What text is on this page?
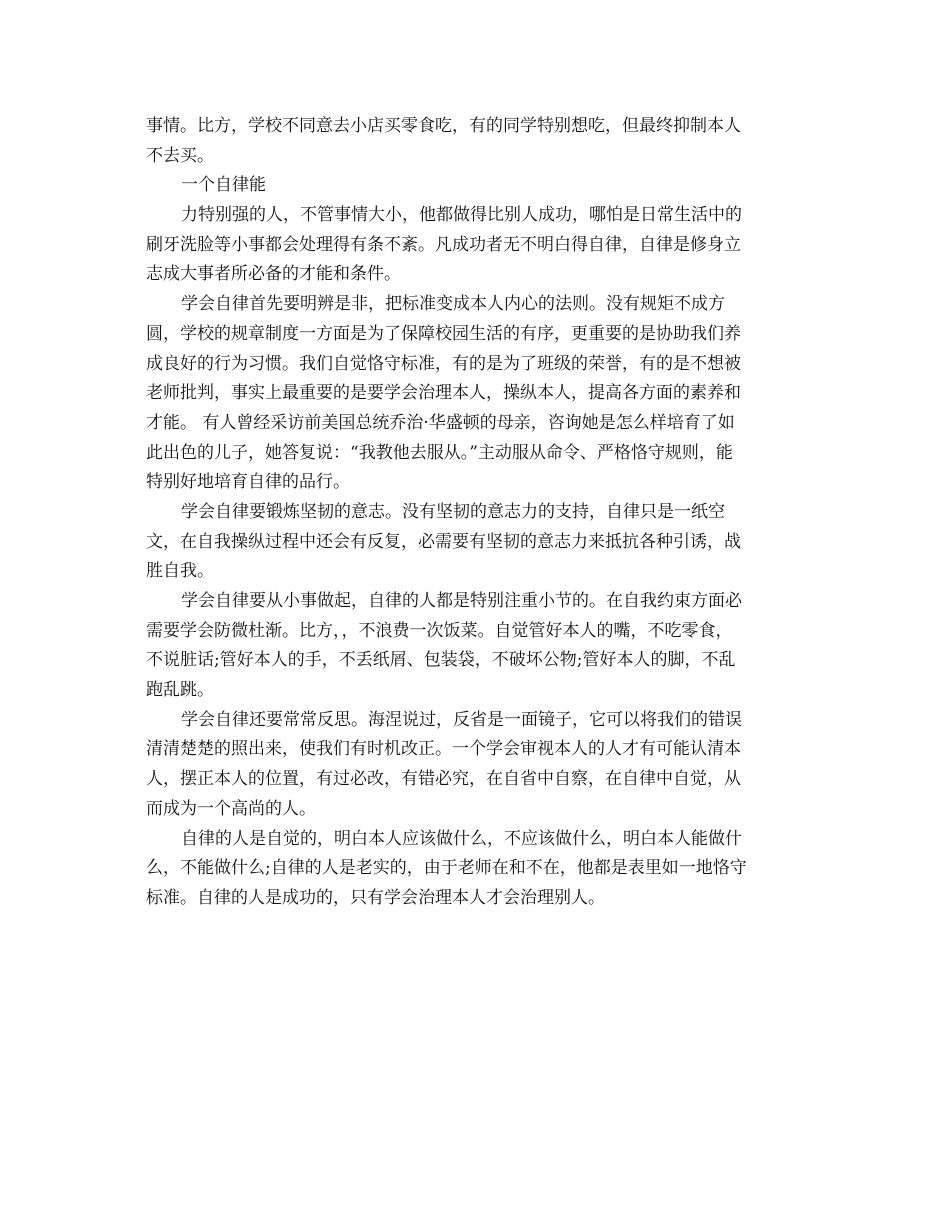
事情。比方，学校不同意去小店买零食吃，有的同学特别想吃，但最终抑制本人
不去买。
一个自律能
力特别强的人，不管事情大小，他都做得比别人成功，哪怕是日常生活中的
刷牙洗脸等小事都会处理得有条不紊。凡成功者无不明白得自律，自律是修身立
志成大事者所必备的才能和条件。
学会自律首先要明辨是非，把标准变成本人内心的法则。没有规矩不成方
圆，学校的规章制度一方面是为了保障校园生活的有序，更重要的是协助我们养
成良好的行为习惯。我们自觉恪守标准，有的是为了班级的荣誉，有的是不想被
老师批判，事实上最重要的是要学会治理本人，操纵本人，提高各方面的素养和
才能。 有人曾经采访前美国总统乔治·华盛顿的母亲，咨询她是怎么样培育了如
此出色的儿子，她答复说：“我教他去服从。”主动服从命令、严格恪守规则，能
特别好地培育自律的品行。
学会自律要锻炼坚韧的意志。没有坚韧的意志力的支持，自律只是一纸空
文，在自我操纵过程中还会有反复，必需要有坚韧的意志力来抵抗各种引诱，战
胜自我。
学会自律要从小事做起，自律的人都是特别注重小节的。在自我约束方面必
需要学会防微杜渐。比方，，不浪费一次饭菜。自觉管好本人的嘴，不吃零食，
不说脏话;管好本人的手，不丢纸屑、包装袋，不破坏公物;管好本人的脚，不乱
跑乱跳。
学会自律还要常常反思。海涅说过，反省是一面镜子，它可以将我们的错误
清清楚楚的照出来，使我们有时机改正。一个学会审视本人的人才有可能认清本
人，摆正本人的位置，有过必改，有错必究，在自省中自察，在自律中自觉，从
而成为一个高尚的人。
自律的人是自觉的，明白本人应该做什么，不应该做什么，明白本人能做什
么，不能做什么;自律的人是老实的，由于老师在和不在，他都是表里如一地恪守
标准。自律的人是成功的，只有学会治理本人才会治理别人。
